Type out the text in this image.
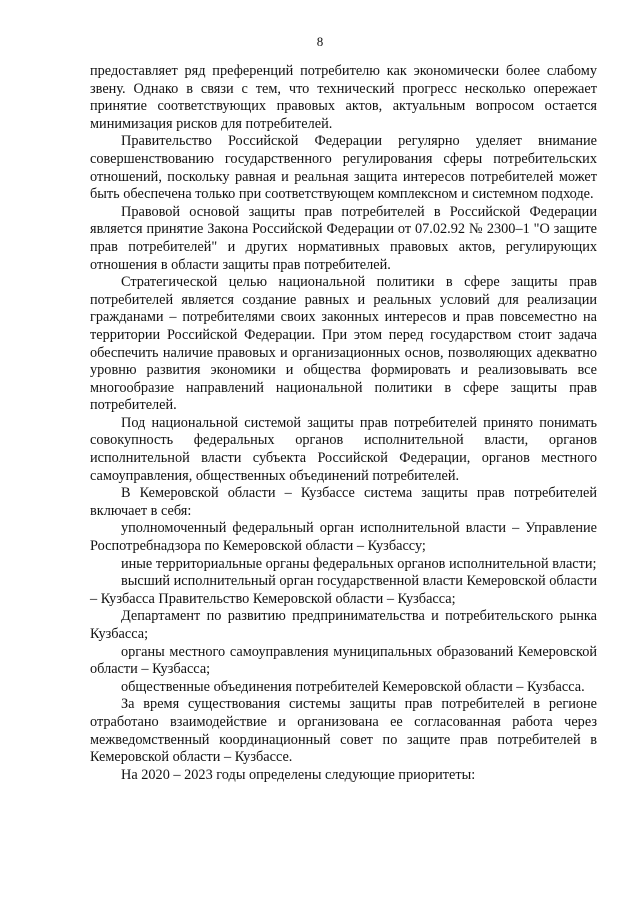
8

предоставляет ряд преференций потребителю как экономически более слабому звену. Однако в связи с тем, что технический прогресс несколько опережает принятие соответствующих правовых актов, актуальным вопросом остается минимизация рисков для потребителей.

Правительство Российской Федерации регулярно уделяет внимание совершенствованию государственного регулирования сферы потребительских отношений, поскольку равная и реальная защита интересов потребителей может быть обеспечена только при соответствующем комплексном и системном подходе.

Правовой основой защиты прав потребителей в Российской Федерации является принятие Закона Российской Федерации от 07.02.92 № 2300–1 "О защите прав потребителей" и других нормативных правовых актов, регулирующих отношения в области защиты прав потребителей.

Стратегической целью национальной политики в сфере защиты прав потребителей является создание равных и реальных условий для реализации гражданами – потребителями своих законных интересов и прав повсеместно на территории Российской Федерации. При этом перед государством стоит задача обеспечить наличие правовых и организационных основ, позволяющих адекватно уровню развития экономики и общества формировать и реализовывать все многообразие направлений национальной политики в сфере защиты прав потребителей.

Под национальной системой защиты прав потребителей принято понимать совокупность федеральных органов исполнительной власти, органов исполнительной власти субъекта Российской Федерации, органов местного самоуправления, общественных объединений потребителей.

В Кемеровской области – Кузбассе система защиты прав потребителей включает в себя:

уполномоченный федеральный орган исполнительной власти – Управление Роспотребнадзора по Кемеровской области – Кузбассу;

иные территориальные органы федеральных органов исполнительной власти;

высший исполнительный орган государственной власти Кемеровской области – Кузбасса Правительство Кемеровской области – Кузбасса;

Департамент по развитию предпринимательства и потребительского рынка Кузбасса;

органы местного самоуправления муниципальных образований Кемеровской области – Кузбасса;

общественные объединения потребителей Кемеровской области – Кузбасса.

За время существования системы защиты прав потребителей в регионе отработано взаимодействие и организована ее согласованная работа через межведомственный координационный совет по защите прав потребителей в Кемеровской области – Кузбассе.

На 2020 – 2023 годы определены следующие приоритеты:
